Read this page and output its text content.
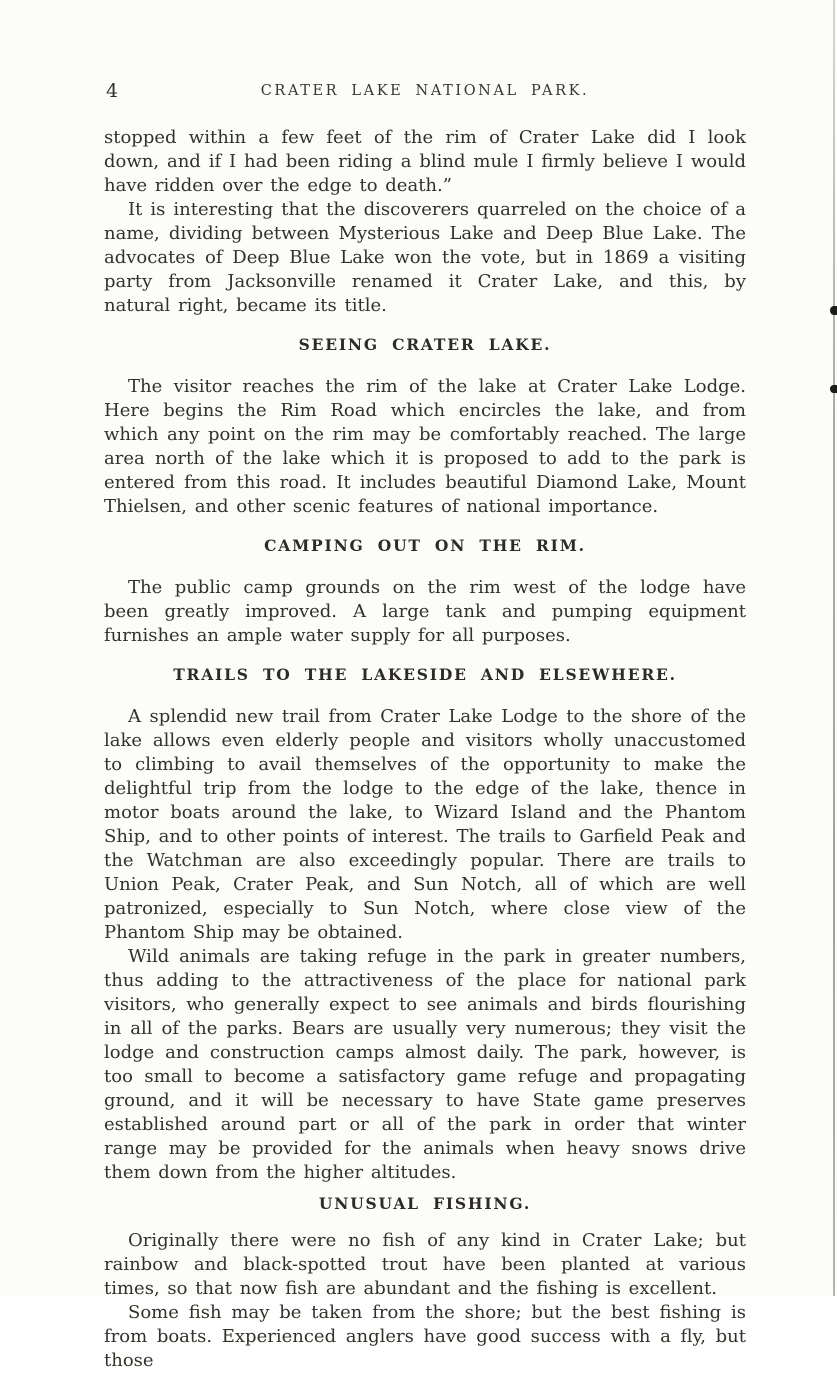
4	CRATER LAKE NATIONAL PARK.

stopped within a few feet of the rim of Crater Lake did I look down, and if I had been riding a blind mule I firmly believe I would have ridden over the edge to death.”

It is interesting that the discoverers quarreled on the choice of a name, dividing between Mysterious Lake and Deep Blue Lake. The advocates of Deep Blue Lake won the vote, but in 1869 a visiting party from Jacksonville renamed it Crater Lake, and this, by natural right, became its title.

SEEING CRATER LAKE.

The visitor reaches the rim of the lake at Crater Lake Lodge. Here begins the Rim Road which encircles the lake, and from which any point on the rim may be comfortably reached. The large area north of the lake which it is proposed to add to the park is entered from this road. It includes beautiful Diamond Lake, Mount Thielsen, and other scenic features of national importance.

CAMPING OUT ON THE RIM.

The public camp grounds on the rim west of the lodge have been greatly improved. A large tank and pumping equipment furnishes an ample water supply for all purposes.

TRAILS TO THE LAKESIDE AND ELSEWHERE.

A splendid new trail from Crater Lake Lodge to the shore of the lake allows even elderly people and visitors wholly unaccustomed to climbing to avail themselves of the opportunity to make the delightful trip from the lodge to the edge of the lake, thence in motor boats around the lake, to Wizard Island and the Phantom Ship, and to other points of interest. The trails to Garfield Peak and the Watchman are also exceedingly popular. There are trails to Union Peak, Crater Peak, and Sun Notch, all of which are well patronized, especially to Sun Notch, where close view of the Phantom Ship may be obtained.

Wild animals are taking refuge in the park in greater numbers, thus adding to the attractiveness of the place for national park visitors, who generally expect to see animals and birds flourishing in all of the parks. Bears are usually very numerous; they visit the lodge and construction camps almost daily. The park, however, is too small to become a satisfactory game refuge and propagating ground, and it will be necessary to have State game preserves established around part or all of the park in order that winter range may be provided for the animals when heavy snows drive them down from the higher altitudes.

UNUSUAL FISHING.

Originally there were no fish of any kind in Crater Lake; but rainbow and black-spotted trout have been planted at various times, so that now fish are abundant and the fishing is excellent.

Some fish may be taken from the shore; but the best fishing is from boats. Experienced anglers have good success with a fly, but those
